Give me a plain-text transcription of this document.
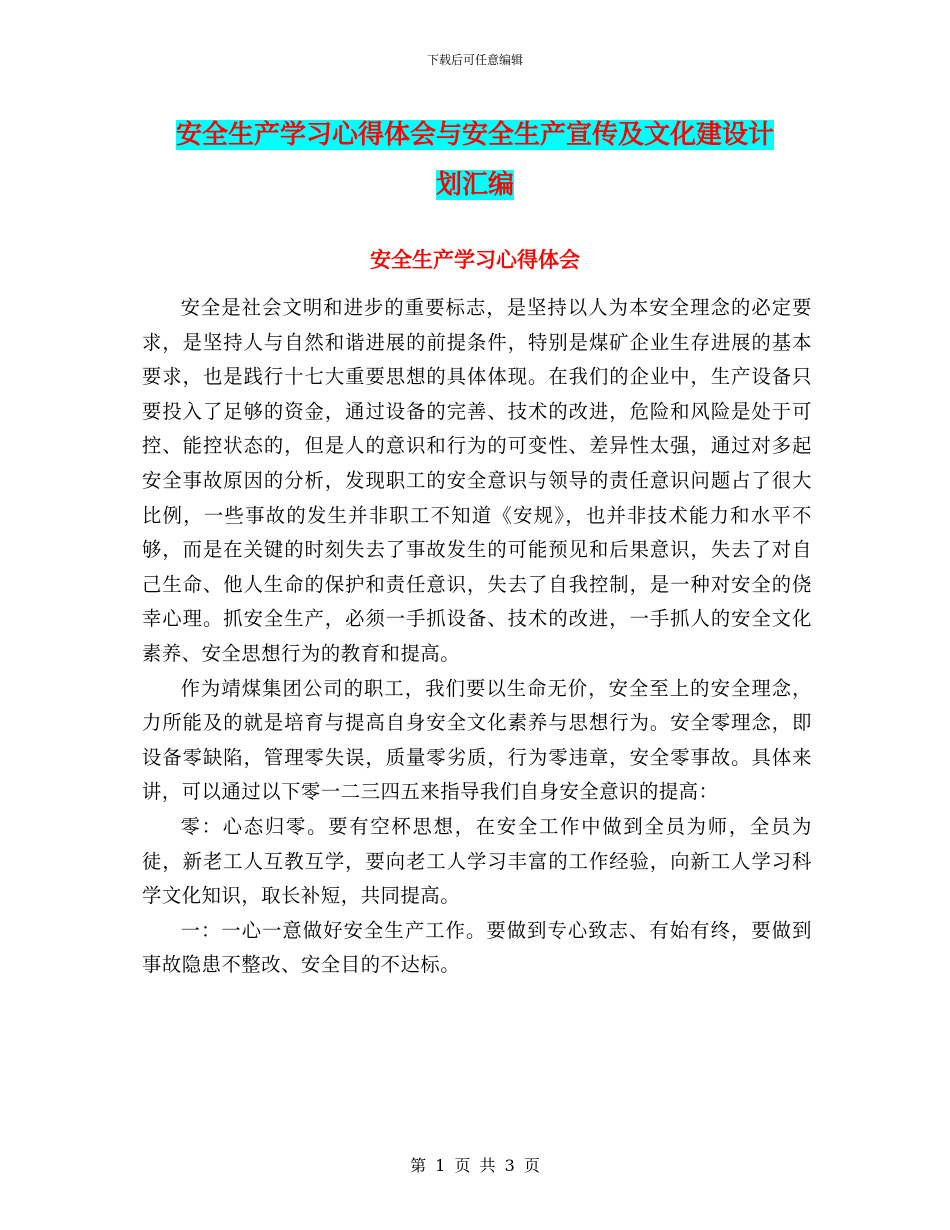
下载后可任意编辑
安全生产学习心得体会与安全生产宣传及文化建设计
划汇编
安全生产学习心得体会

安全是社会文明和进步的重要标志，是坚持以人为本安全理念的必定要求，是坚持人与自然和谐进展的前提条件，特别是煤矿企业生存进展的基本要求，也是践行十七大重要思想的具体体现。在我们的企业中，生产设备只要投入了足够的资金，通过设备的完善、技术的改进，危险和风险是处于可控、能控状态的，但是人的意识和行为的可变性、差异性太强，通过对多起安全事故原因的分析，发现职工的安全意识与领导的责任意识问题占了很大比例，一些事故的发生并非职工不知道《安规》，也并非技术能力和水平不够，而是在关键的时刻失去了事故发生的可能预见和后果意识，失去了对自己生命、他人生命的保护和责任意识，失去了自我控制，是一种对安全的侥幸心理。抓安全生产，必须一手抓设备、技术的改进，一手抓人的安全文化素养、安全思想行为的教育和提高。

作为靖煤集团公司的职工，我们要以生命无价，安全至上的安全理念，力所能及的就是培育与提高自身安全文化素养与思想行为。安全零理念，即设备零缺陷，管理零失误，质量零劣质，行为零违章，安全零事故。具体来讲，可以通过以下零一二三四五来指导我们自身安全意识的提高：

零：心态归零。要有空杯思想，在安全工作中做到全员为师，全员为徒，新老工人互教互学，要向老工人学习丰富的工作经验，向新工人学习科学文化知识，取长补短，共同提高。

一：一心一意做好安全生产工作。要做到专心致志、有始有终，要做到事故隐患不整改、安全目的不达标。

第 1 页 共 3 页
